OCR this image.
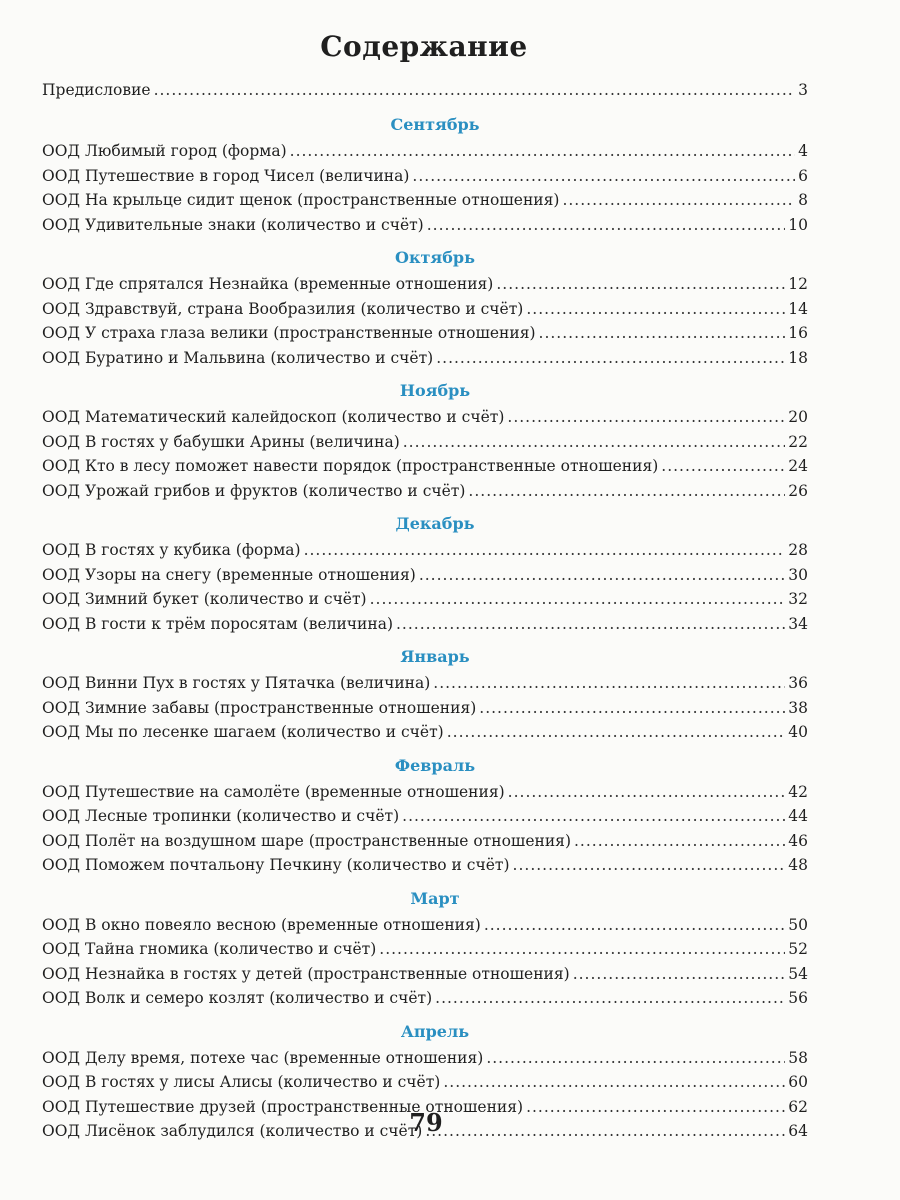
Содержание
Предисловие .....	3
Сентябрь
ООД Любимый город (форма) .....	4
ООД Путешествие в город Чисел (величина) .....	6
ООД На крыльце сидит щенок (пространственные отношения) .....	8
ООД Удивительные знаки (количество и счёт) .....	10
Октябрь
ООД Где спрятался Незнайка (временные отношения) .....	12
ООД Здравствуй, страна Вообразилия (количество и счёт) .....	14
ООД У страха глаза велики (пространственные отношения) .....	16
ООД Буратино и Мальвина (количество и счёт) .....	18
Ноябрь
ООД Математический калейдоскоп (количество и счёт) .....	20
ООД В гостях у бабушки Арины (величина) .....	22
ООД Кто в лесу поможет навести порядок (пространственные отношения) .....	24
ООД Урожай грибов и фруктов (количество и счёт) .....	26
Декабрь
ООД В гостях у кубика (форма) .....	28
ООД Узоры на снегу (временные отношения) .....	30
ООД Зимний букет (количество и счёт) .....	32
ООД В гости к трём поросятам (величина) .....	34
Январь
ООД Винни Пух в гостях у Пятачка (величина) .....	36
ООД Зимние забавы (пространственные отношения) .....	38
ООД Мы по лесенке шагаем (количество и счёт) .....	40
Февраль
ООД Путешествие на самолёте (временные отношения) .....	42
ООД Лесные тропинки (количество и счёт) .....	44
ООД Полёт на воздушном шаре (пространственные отношения) .....	46
ООД Поможем почтальону Печкину (количество и счёт) .....	48
Март
ООД В окно повеяло весною (временные отношения) .....	50
ООД Тайна гномика (количество и счёт) .....	52
ООД Незнайка в гостях у детей (пространственные отношения) .....	54
ООД Волк и семеро козлят (количество и счёт) .....	56
Апрель
ООД Делу время, потехе час (временные отношения) .....	58
ООД В гостях у лисы Алисы (количество и счёт) .....	60
ООД Путешествие друзей (пространственные отношения) .....	62
ООД Лисёнок заблудился (количество и счёт) .....	64
79
